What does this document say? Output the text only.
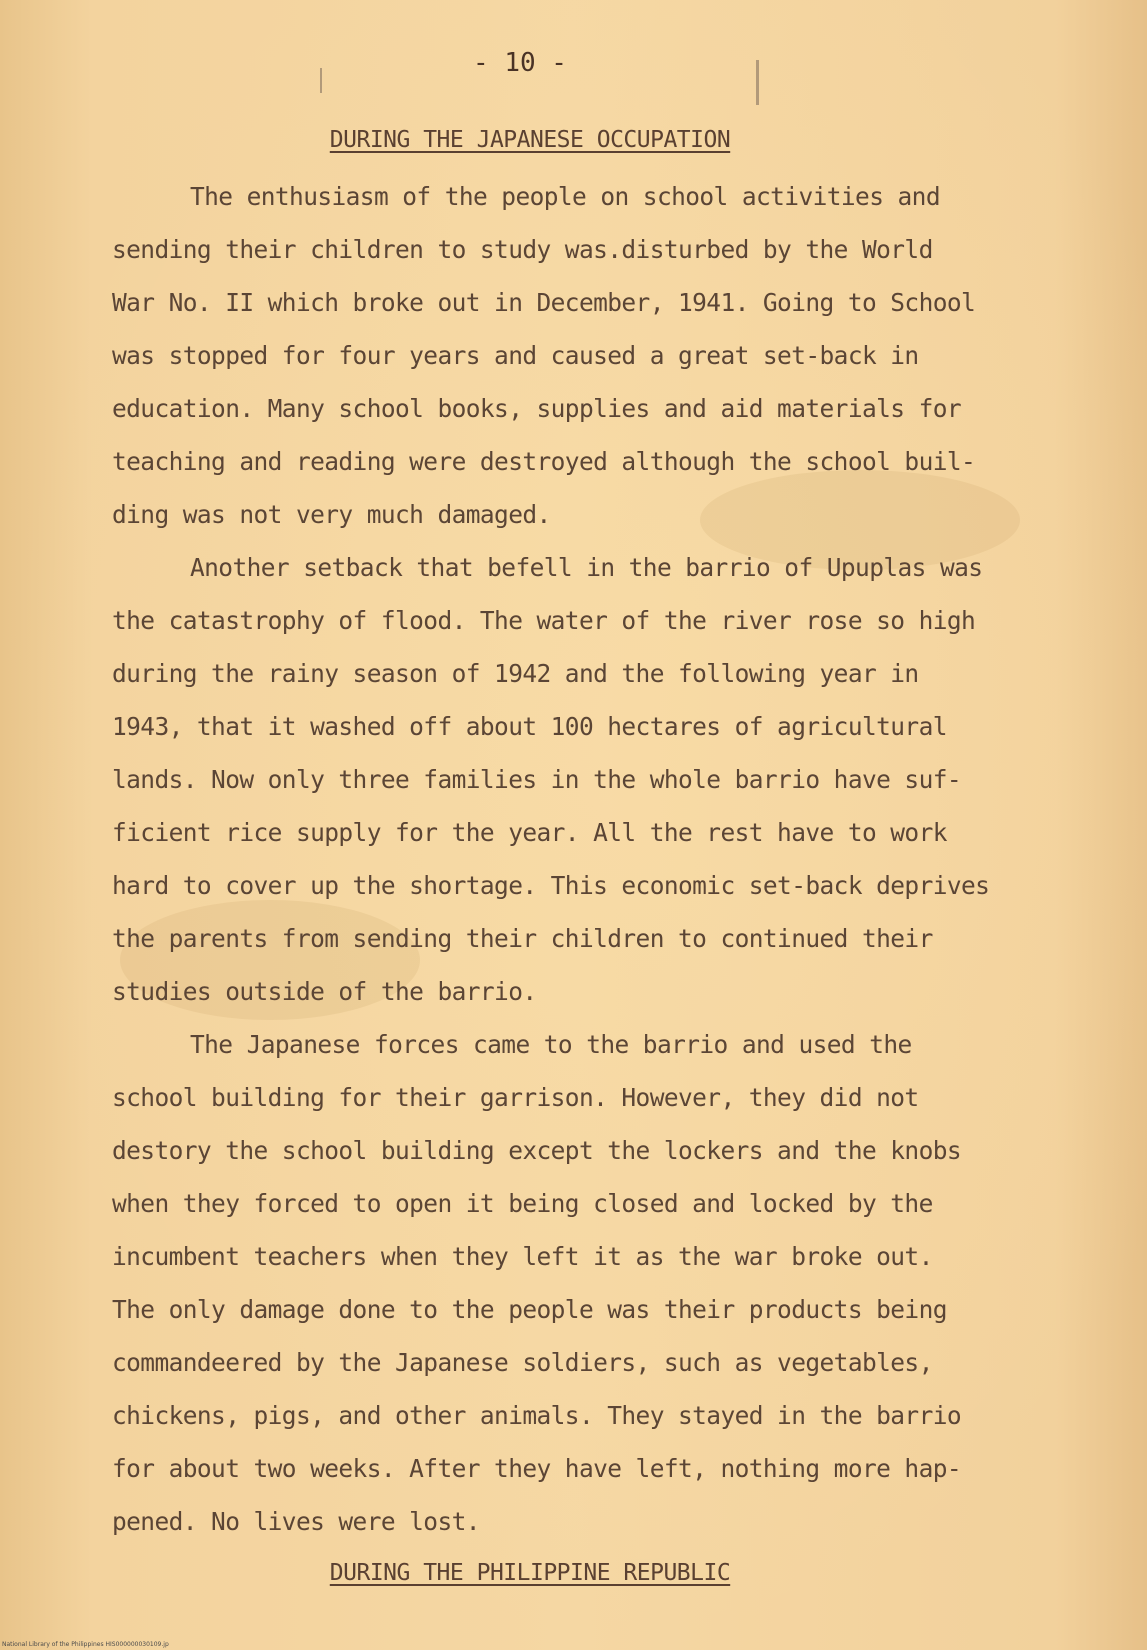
- 10 -
DURING THE JAPANESE OCCUPATION
The enthusiasm of the people on school activities and
sending their children to study was.disturbed by the World
War No. II which broke out in December, 1941. Going to School
was stopped for four years and caused a great set-back in
education. Many school books, supplies and aid materials for
teaching and reading were destroyed although the school buil-
ding was not very much damaged.
Another setback that befell in the barrio of Upuplas was
the catastrophy of flood. The water of the river rose so high
during the rainy season of 1942 and the following year in
1943, that it washed off about 100 hectares of agricultural
lands. Now only three families in the whole barrio have suf-
ficient rice supply for the year. All the rest have to work
hard to cover up the shortage. This economic set-back deprives
the parents from sending their children to continued their
studies outside of the barrio.
The Japanese forces came to the barrio and used the
school building for their garrison. However, they did not
destory the school building except the lockers and the knobs
when they forced to open it being closed and locked by the
incumbent teachers when they left it as the war broke out.
The only damage done to the people was their products being
commandeered by the Japanese soldiers, such as vegetables,
chickens, pigs, and other animals. They stayed in the barrio
for about two weeks. After they have left, nothing more hap-
pened. No lives were lost.
DURING THE PHILIPPINE REPUBLIC
National Library of the Philippines HIS000000030109.jp
